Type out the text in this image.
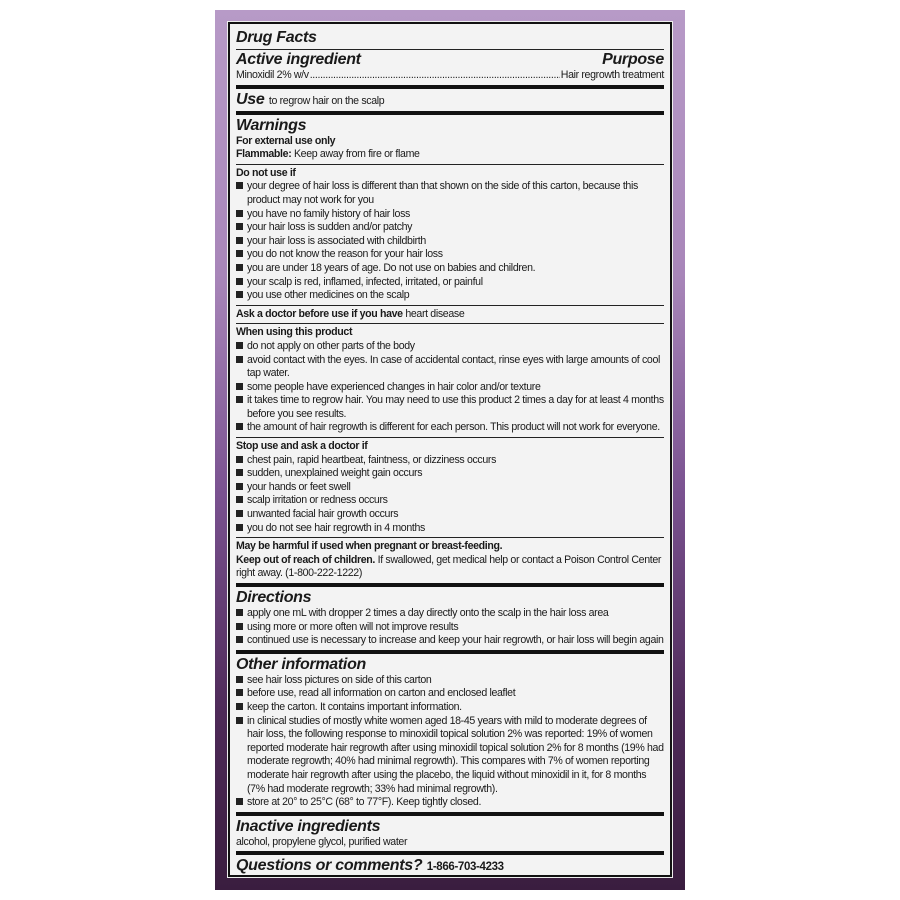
Drug Facts
Active ingredient	Purpose
Minoxidil 2% w/v .....	Hair regrowth treatment
Use to regrow hair on the scalp
Warnings
For external use only
Flammable: Keep away from fire or flame
Do not use if
your degree of hair loss is different than that shown on the side of this carton, because this product may not work for you
you have no family history of hair loss
your hair loss is sudden and/or patchy
your hair loss is associated with childbirth
you do not know the reason for your hair loss
you are under 18 years of age. Do not use on babies and children.
your scalp is red, inflamed, infected, irritated, or painful
you use other medicines on the scalp
Ask a doctor before use if you have heart disease
When using this product
do not apply on other parts of the body
avoid contact with the eyes. In case of accidental contact, rinse eyes with large amounts of cool tap water.
some people have experienced changes in hair color and/or texture
it takes time to regrow hair. You may need to use this product 2 times a day for at least 4 months before you see results.
the amount of hair regrowth is different for each person. This product will not work for everyone.
Stop use and ask a doctor if
chest pain, rapid heartbeat, faintness, or dizziness occurs
sudden, unexplained weight gain occurs
your hands or feet swell
scalp irritation or redness occurs
unwanted facial hair growth occurs
you do not see hair regrowth in 4 months
May be harmful if used when pregnant or breast-feeding.
Keep out of reach of children. If swallowed, get medical help or contact a Poison Control Center right away. (1-800-222-1222)
Directions
apply one mL with dropper 2 times a day directly onto the scalp in the hair loss area
using more or more often will not improve results
continued use is necessary to increase and keep your hair regrowth, or hair loss will begin again
Other information
see hair loss pictures on side of this carton
before use, read all information on carton and enclosed leaflet
keep the carton. It contains important information.
in clinical studies of mostly white women aged 18-45 years with mild to moderate degrees of hair loss, the following response to minoxidil topical solution 2% was reported: 19% of women reported moderate hair regrowth after using minoxidil topical solution 2% for 8 months (19% had moderate regrowth; 40% had minimal regrowth). This compares with 7% of women reporting moderate hair regrowth after using the placebo, the liquid without minoxidil in it, for 8 months (7% had moderate regrowth; 33% had minimal regrowth).
store at 20° to 25°C (68° to 77°F). Keep tightly closed.
Inactive ingredients
alcohol, propylene glycol, purified water
Questions or comments? 1-866-703-4233
